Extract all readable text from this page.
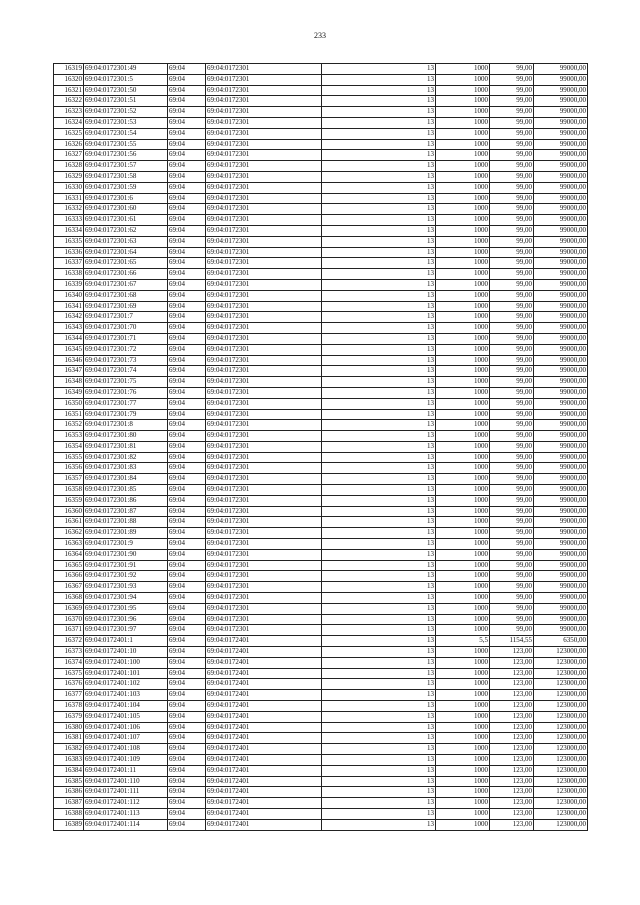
233
16319	69:04:0172301:49	69:04	69:04:0172301	13	1000	99,00	99000,00
16320	69:04:0172301:5	69:04	69:04:0172301	13	1000	99,00	99000,00
16321	69:04:0172301:50	69:04	69:04:0172301	13	1000	99,00	99000,00
16322	69:04:0172301:51	69:04	69:04:0172301	13	1000	99,00	99000,00
16323	69:04:0172301:52	69:04	69:04:0172301	13	1000	99,00	99000,00
16324	69:04:0172301:53	69:04	69:04:0172301	13	1000	99,00	99000,00
16325	69:04:0172301:54	69:04	69:04:0172301	13	1000	99,00	99000,00
16326	69:04:0172301:55	69:04	69:04:0172301	13	1000	99,00	99000,00
16327	69:04:0172301:56	69:04	69:04:0172301	13	1000	99,00	99000,00
16328	69:04:0172301:57	69:04	69:04:0172301	13	1000	99,00	99000,00
16329	69:04:0172301:58	69:04	69:04:0172301	13	1000	99,00	99000,00
16330	69:04:0172301:59	69:04	69:04:0172301	13	1000	99,00	99000,00
16331	69:04:0172301:6	69:04	69:04:0172301	13	1000	99,00	99000,00
16332	69:04:0172301:60	69:04	69:04:0172301	13	1000	99,00	99000,00
16333	69:04:0172301:61	69:04	69:04:0172301	13	1000	99,00	99000,00
16334	69:04:0172301:62	69:04	69:04:0172301	13	1000	99,00	99000,00
16335	69:04:0172301:63	69:04	69:04:0172301	13	1000	99,00	99000,00
16336	69:04:0172301:64	69:04	69:04:0172301	13	1000	99,00	99000,00
16337	69:04:0172301:65	69:04	69:04:0172301	13	1000	99,00	99000,00
16338	69:04:0172301:66	69:04	69:04:0172301	13	1000	99,00	99000,00
16339	69:04:0172301:67	69:04	69:04:0172301	13	1000	99,00	99000,00
16340	69:04:0172301:68	69:04	69:04:0172301	13	1000	99,00	99000,00
16341	69:04:0172301:69	69:04	69:04:0172301	13	1000	99,00	99000,00
16342	69:04:0172301:7	69:04	69:04:0172301	13	1000	99,00	99000,00
16343	69:04:0172301:70	69:04	69:04:0172301	13	1000	99,00	99000,00
16344	69:04:0172301:71	69:04	69:04:0172301	13	1000	99,00	99000,00
16345	69:04:0172301:72	69:04	69:04:0172301	13	1000	99,00	99000,00
16346	69:04:0172301:73	69:04	69:04:0172301	13	1000	99,00	99000,00
16347	69:04:0172301:74	69:04	69:04:0172301	13	1000	99,00	99000,00
16348	69:04:0172301:75	69:04	69:04:0172301	13	1000	99,00	99000,00
16349	69:04:0172301:76	69:04	69:04:0172301	13	1000	99,00	99000,00
16350	69:04:0172301:77	69:04	69:04:0172301	13	1000	99,00	99000,00
16351	69:04:0172301:79	69:04	69:04:0172301	13	1000	99,00	99000,00
16352	69:04:0172301:8	69:04	69:04:0172301	13	1000	99,00	99000,00
16353	69:04:0172301:80	69:04	69:04:0172301	13	1000	99,00	99000,00
16354	69:04:0172301:81	69:04	69:04:0172301	13	1000	99,00	99000,00
16355	69:04:0172301:82	69:04	69:04:0172301	13	1000	99,00	99000,00
16356	69:04:0172301:83	69:04	69:04:0172301	13	1000	99,00	99000,00
16357	69:04:0172301:84	69:04	69:04:0172301	13	1000	99,00	99000,00
16358	69:04:0172301:85	69:04	69:04:0172301	13	1000	99,00	99000,00
16359	69:04:0172301:86	69:04	69:04:0172301	13	1000	99,00	99000,00
16360	69:04:0172301:87	69:04	69:04:0172301	13	1000	99,00	99000,00
16361	69:04:0172301:88	69:04	69:04:0172301	13	1000	99,00	99000,00
16362	69:04:0172301:89	69:04	69:04:0172301	13	1000	99,00	99000,00
16363	69:04:0172301:9	69:04	69:04:0172301	13	1000	99,00	99000,00
16364	69:04:0172301:90	69:04	69:04:0172301	13	1000	99,00	99000,00
16365	69:04:0172301:91	69:04	69:04:0172301	13	1000	99,00	99000,00
16366	69:04:0172301:92	69:04	69:04:0172301	13	1000	99,00	99000,00
16367	69:04:0172301:93	69:04	69:04:0172301	13	1000	99,00	99000,00
16368	69:04:0172301:94	69:04	69:04:0172301	13	1000	99,00	99000,00
16369	69:04:0172301:95	69:04	69:04:0172301	13	1000	99,00	99000,00
16370	69:04:0172301:96	69:04	69:04:0172301	13	1000	99,00	99000,00
16371	69:04:0172301:97	69:04	69:04:0172301	13	1000	99,00	99000,00
16372	69:04:0172401:1	69:04	69:04:0172401	13	5,5	1154,55	6350,00
16373	69:04:0172401:10	69:04	69:04:0172401	13	1000	123,00	123000,00
16374	69:04:0172401:100	69:04	69:04:0172401	13	1000	123,00	123000,00
16375	69:04:0172401:101	69:04	69:04:0172401	13	1000	123,00	123000,00
16376	69:04:0172401:102	69:04	69:04:0172401	13	1000	123,00	123000,00
16377	69:04:0172401:103	69:04	69:04:0172401	13	1000	123,00	123000,00
16378	69:04:0172401:104	69:04	69:04:0172401	13	1000	123,00	123000,00
16379	69:04:0172401:105	69:04	69:04:0172401	13	1000	123,00	123000,00
16380	69:04:0172401:106	69:04	69:04:0172401	13	1000	123,00	123000,00
16381	69:04:0172401:107	69:04	69:04:0172401	13	1000	123,00	123000,00
16382	69:04:0172401:108	69:04	69:04:0172401	13	1000	123,00	123000,00
16383	69:04:0172401:109	69:04	69:04:0172401	13	1000	123,00	123000,00
16384	69:04:0172401:11	69:04	69:04:0172401	13	1000	123,00	123000,00
16385	69:04:0172401:110	69:04	69:04:0172401	13	1000	123,00	123000,00
16386	69:04:0172401:111	69:04	69:04:0172401	13	1000	123,00	123000,00
16387	69:04:0172401:112	69:04	69:04:0172401	13	1000	123,00	123000,00
16388	69:04:0172401:113	69:04	69:04:0172401	13	1000	123,00	123000,00
16389	69:04:0172401:114	69:04	69:04:0172401	13	1000	123,00	123000,00
